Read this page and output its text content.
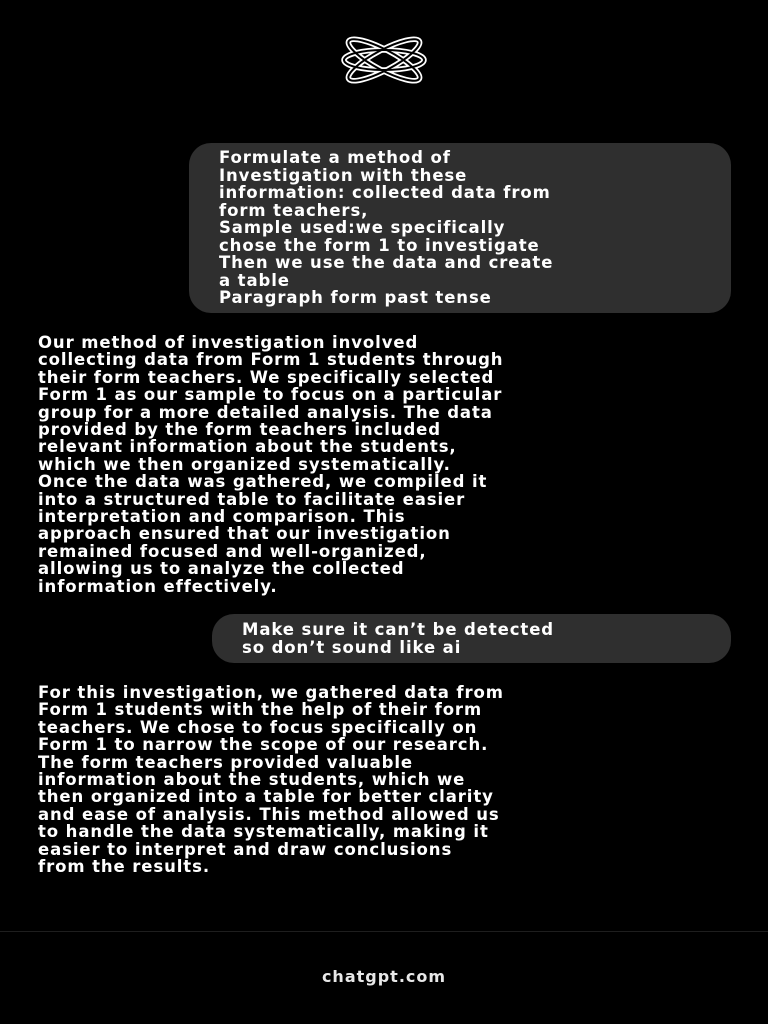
Formulate a method of
Investigation with these
information: collected data from
form teachers,
Sample used:we specifically
chose the form 1 to investigate
Then we use the data and create
a table
Paragraph form past tense
Our method of investigation involved
collecting data from Form 1 students through
their form teachers. We specifically selected
Form 1 as our sample to focus on a particular
group for a more detailed analysis. The data
provided by the form teachers included
relevant information about the students,
which we then organized systematically.
Once the data was gathered, we compiled it
into a structured table to facilitate easier
interpretation and comparison. This
approach ensured that our investigation
remained focused and well-organized,
allowing us to analyze the collected
information effectively.
Make sure it can’t be detected
so don’t sound like ai
For this investigation, we gathered data from
Form 1 students with the help of their form
teachers. We chose to focus specifically on
Form 1 to narrow the scope of our research.
The form teachers provided valuable
information about the students, which we
then organized into a table for better clarity
and ease of analysis. This method allowed us
to handle the data systematically, making it
easier to interpret and draw conclusions
from the results.
chatgpt.com
